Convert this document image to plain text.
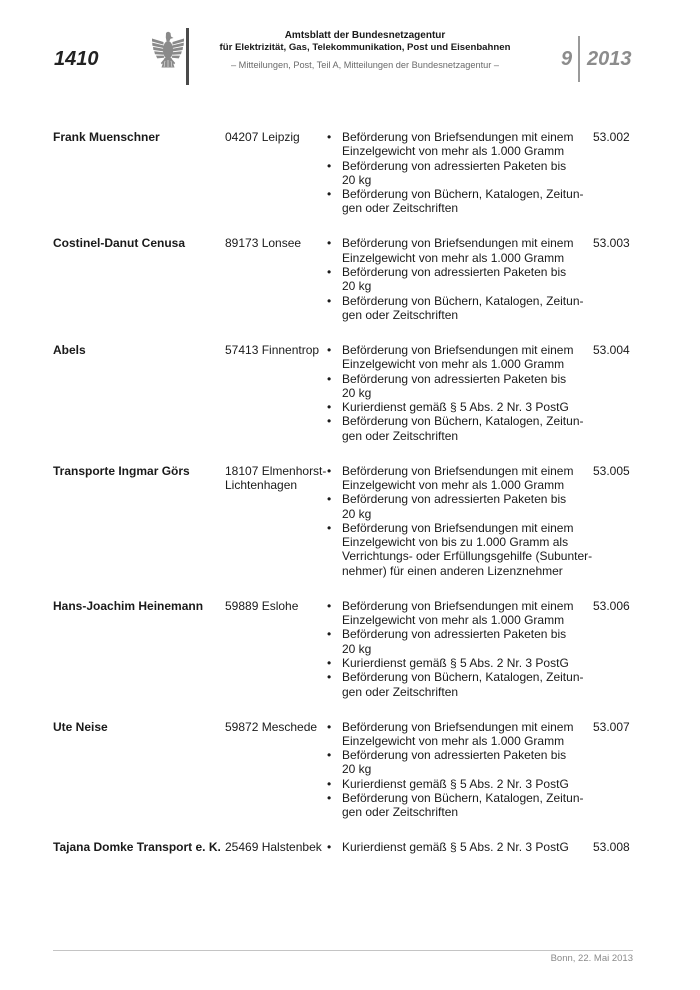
1410
Amtsblatt der Bundesnetzagentur
für Elektrizität, Gas, Telekommunikation, Post und Eisenbahnen
– Mitteilungen, Post, Teil A, Mitteilungen der Bundesnetzagentur –	9 2013
Frank Muenschner	04207 Leipzig	• Beförderung von Briefsendungen mit einem
Einzelgewicht von mehr als 1.000 Gramm
• Beförderung von adressierten Paketen bis
20 kg
• Beförderung von Büchern, Katalogen, Zeitun-
gen oder Zeitschriften
53.002
Costinel-Danut Cenusa	89173 Lonsee	• Beförderung von Briefsendungen mit einem
Einzelgewicht von mehr als 1.000 Gramm
• Beförderung von adressierten Paketen bis
20 kg
• Beförderung von Büchern, Katalogen, Zeitun-
gen oder Zeitschriften
53.003
Abels	57413 Finnentrop • Beförderung von Briefsendungen mit einem
Einzelgewicht von mehr als 1.000 Gramm
• Beförderung von adressierten Paketen bis
20 kg
• Kurierdienst gemäß § 5 Abs. 2 Nr. 3 PostG
• Beförderung von Büchern, Katalogen, Zeitun-
gen oder Zeitschriften
53.004
Transporte Ingmar Görs	18107 Elmenhorst-
Lichtenhagen
• Beförderung von Briefsendungen mit einem
Einzelgewicht von mehr als 1.000 Gramm
• Beförderung von adressierten Paketen bis
20 kg
• Beförderung von Briefsendungen mit einem
Einzelgewicht von bis zu 1.000 Gramm als
Verrichtungs- oder Erfüllungsgehilfe (Subunter-
nehmer) für einen anderen Lizenznehmer
53.005
Hans-Joachim Heinemann 59889 Eslohe	• Beförderung von Briefsendungen mit einem
Einzelgewicht von mehr als 1.000 Gramm
• Beförderung von adressierten Paketen bis
20 kg
• Kurierdienst gemäß § 5 Abs. 2 Nr. 3 PostG
• Beförderung von Büchern, Katalogen, Zeitun-
gen oder Zeitschriften
53.006
Ute Neise	59872 Meschede • Beförderung von Briefsendungen mit einem
Einzelgewicht von mehr als 1.000 Gramm
• Beförderung von adressierten Paketen bis
20 kg
• Kurierdienst gemäß § 5 Abs. 2 Nr. 3 PostG
• Beförderung von Büchern, Katalogen, Zeitun-
gen oder Zeitschriften
53.007
Tajana Domke Transport e. K. 25469 Halstenbek • Kurierdienst gemäß § 5 Abs. 2 Nr. 3 PostG	53.008
Bonn, 22. Mai 2013
